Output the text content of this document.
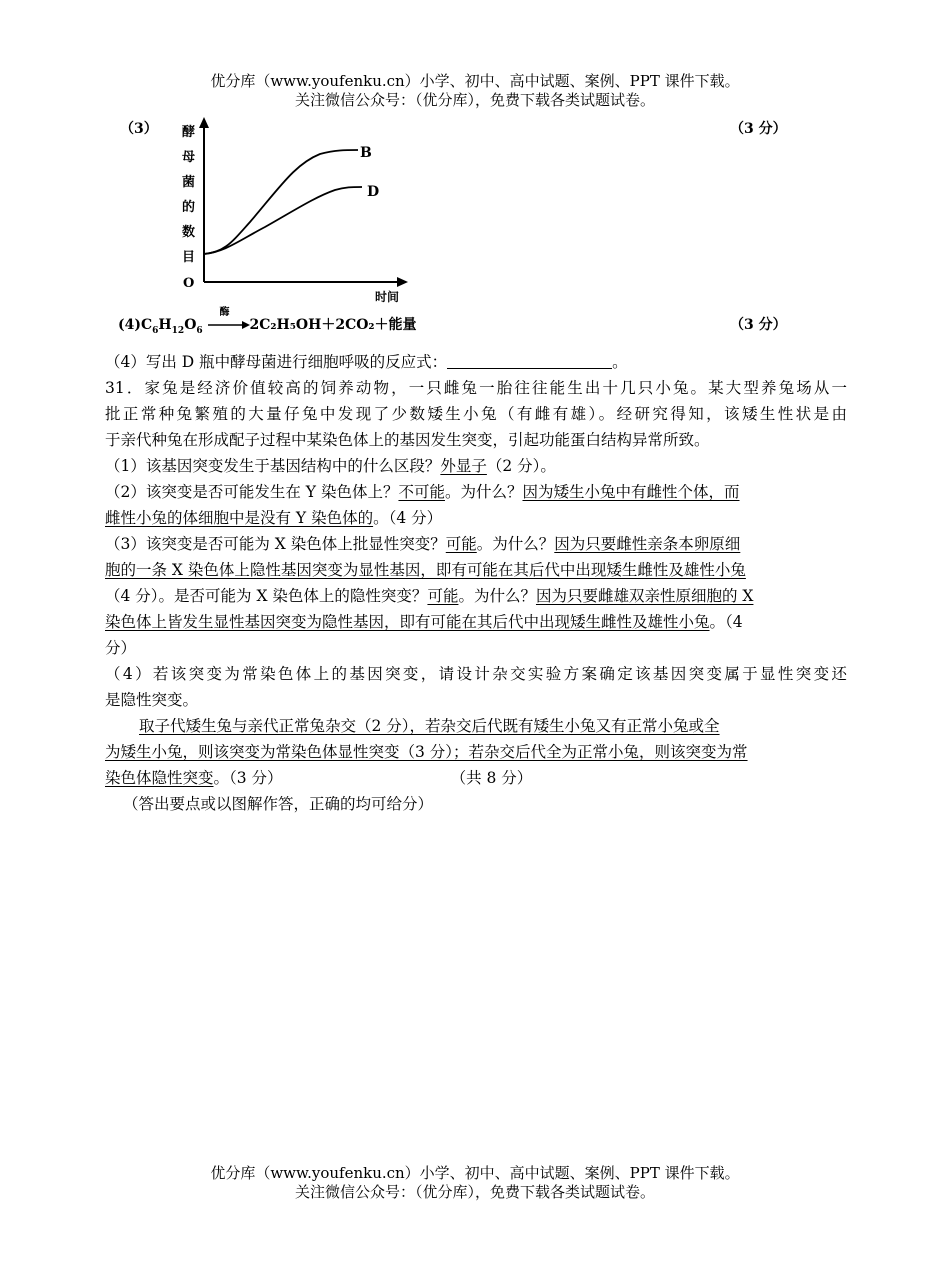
优分库（www.youfenku.cn）小学、初中、高中试题、案例、PPT 课件下载。
关注微信公众号：（优分库），免费下载各类试题试卷。
（3）	（3 分）
酵
母
菌
的
数
目
O
时间
B
D
$(4)C_6H_{12}O_6$
酶
2C₂H₅OH＋2CO₂＋能量	（3 分）
（4）写出 D 瓶中酵母菌进行细胞呼吸的反应式：	。
31．家兔是经济价值较高的饲养动物，一只雌兔一胎往往能生出十几只小兔。某大型养兔场从一
批正常种兔繁殖的大量仔兔中发现了少数矮生小兔（有雌有雄）。经研究得知，该矮生性状是由
于亲代种兔在形成配子过程中某染色体上的基因发生突变，引起功能蛋白结构异常所致。
（1）该基因突变发生于基因结构中的什么区段？外显子（2 分）。
（2）该突变是否可能发生在 Y 染色体上？不可能。为什么？因为矮生小兔中有雌性个体，而
雌性小兔的体细胞中是没有 Y 染色体的。（4 分）
（3）该突变是否可能为 X 染色体上批显性突变？可能。为什么？因为只要雌性亲条本卵原细
胞的一条 X 染色体上隐性基因突变为显性基因，即有可能在其后代中出现矮生雌性及雄性小兔
（4 分）。是否可能为 X 染色体上的隐性突变？可能。为什么？因为只要雌雄双亲性原细胞的 X
染色体上皆发生显性基因突变为隐性基因，即有可能在其后代中出现矮生雌性及雄性小兔。（4
分）
（4）若该突变为常染色体上的基因突变，请设计杂交实验方案确定该基因突变属于显性突变还
是隐性突变。
取子代矮生兔与亲代正常兔杂交（2 分），若杂交后代既有矮生小兔又有正常小兔或全
为矮生小兔，则该突变为常染色体显性突变（3 分）；若杂交后代全为正常小兔，则该突变为常
染色体隐性突变。（3 分）	（共 8 分）
（答出要点或以图解作答，正确的均可给分）
优分库（www.youfenku.cn）小学、初中、高中试题、案例、PPT 课件下载。
关注微信公众号：（优分库），免费下载各类试题试卷。
